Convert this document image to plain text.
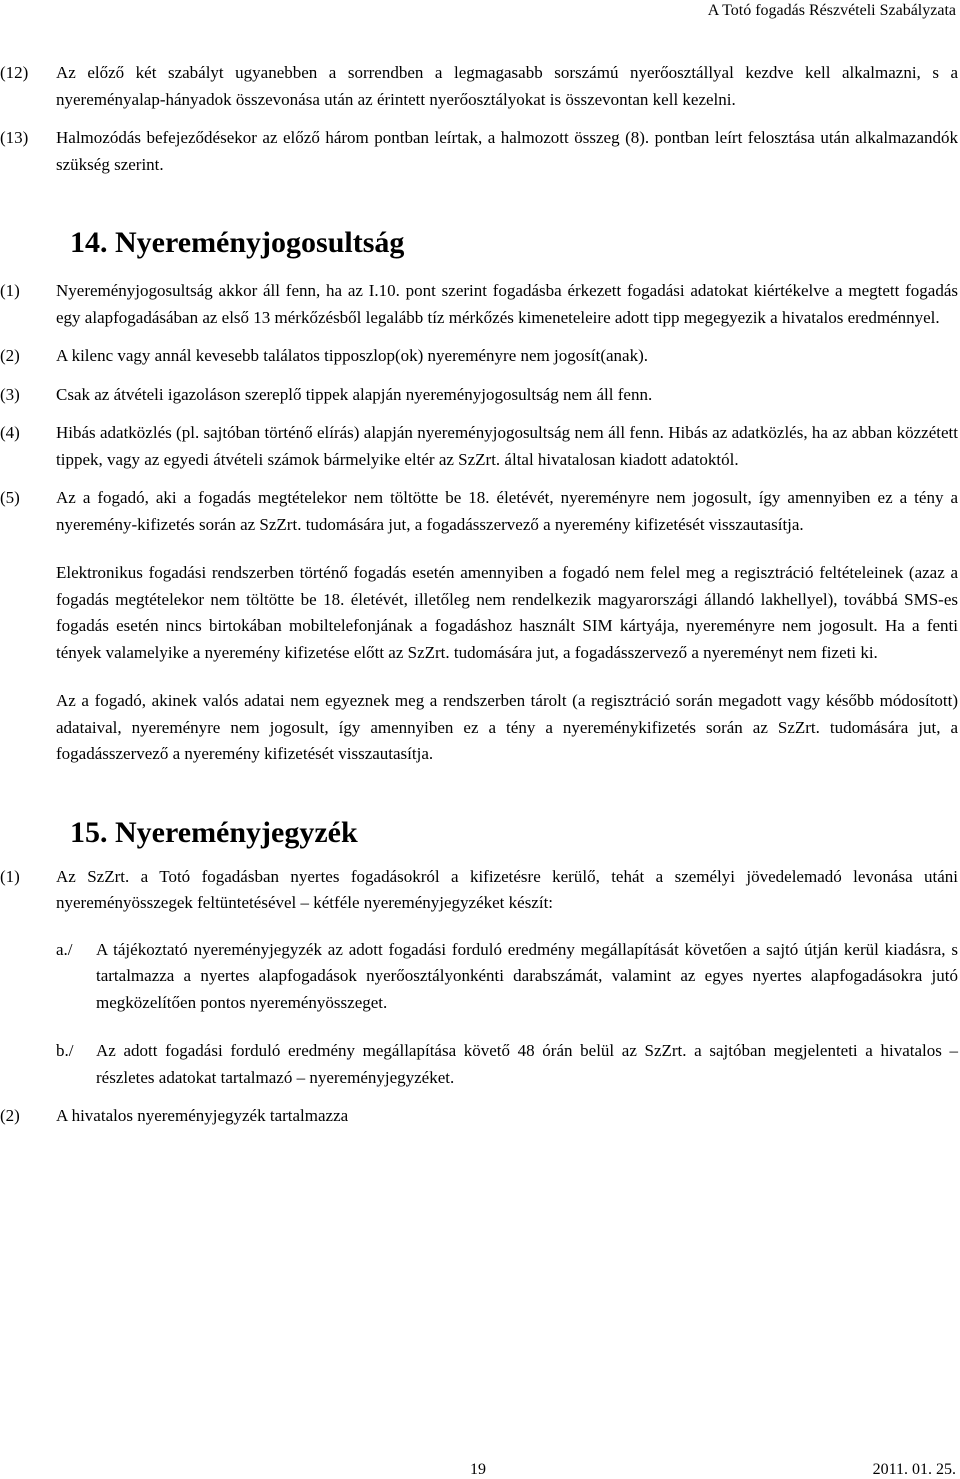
A Totó fogadás Részvételi Szabályzata
(12) Az előző két szabályt ugyanebben a sorrendben a legmagasabb sorszámú nyerőosztállyal kezdve kell alkalmazni, s a nyereményalap-hányadok összevonása után az érintett nyerőosztályokat is összevontan kell kezelni.
(13) Halmozódás befejeződésekor az előző három pontban leírtak, a halmozott összeg (8). pontban leírt felosztása után alkalmazandók szükség szerint.
14. Nyereményjogosultság
(1) Nyereményjogosultság akkor áll fenn, ha az I.10. pont szerint fogadásba érkezett fogadási adatokat kiértékelve a megtett fogadás egy alapfogadásában az első 13 mérkőzésből legalább tíz mérkőzés kimeneteleire adott tipp megegyezik a hivatalos eredménnyel.
(2) A kilenc vagy annál kevesebb találatos tipposzlop(ok) nyereményre nem jogosít(anak).
(3) Csak az átvételi igazoláson szereplő tippek alapján nyereményjogosultság nem áll fenn.
(4) Hibás adatközlés (pl. sajtóban történő elírás) alapján nyereményjogosultság nem áll fenn. Hibás az adatközlés, ha az abban közzétett tippek, vagy az egyedi átvételi számok bármelyike eltér az SzZrt. által hivatalosan kiadott adatoktól.
(5) Az a fogadó, aki a fogadás megtételekor nem töltötte be 18. életévét, nyereményre nem jogosult, így amennyiben ez a tény a nyeremény-kifizetés során az SzZrt. tudomására jut, a fogadásszervező a nyeremény kifizetését visszautasítja.

Elektronikus fogadási rendszerben történő fogadás esetén amennyiben a fogadó nem felel meg a regisztráció feltételeinek (azaz a fogadás megtételekor nem töltötte be 18. életévét, illetőleg nem rendelkezik magyarországi állandó lakhellyel), továbbá SMS-es fogadás esetén nincs birtokában mobiltelefonjának a fogadáshoz használt SIM kártyája, nyereményre nem jogosult. Ha a fenti tények valamelyike a nyeremény kifizetése előtt az SzZrt. tudomására jut, a fogadásszervező a nyereményt nem fizeti ki.

Az a fogadó, akinek valós adatai nem egyeznek meg a rendszerben tárolt (a regisztráció során megadott vagy később módosított) adataival, nyereményre nem jogosult, így amennyiben ez a tény a nyereménykifizetés során az SzZrt. tudomására jut, a fogadásszervező a nyeremény kifizetését visszautasítja.

15. Nyereményjegyzék
(1) Az SzZrt. a Totó fogadásban nyertes fogadásokról a kifizetésre kerülő, tehát a személyi jövedelemadó levonása utáni nyereményösszegek feltüntetésével – kétféle nyereményjegyzéket készít:
a./ A tájékoztató nyereményjegyzék az adott fogadási forduló eredmény megállapítását követően a sajtó útján kerül kiadásra, s tartalmazza a nyertes alapfogadások nyerőosztályonkénti darabszámát, valamint az egyes nyertes alapfogadásokra jutó megközelítően pontos nyereményösszeget.
b./ Az adott fogadási forduló eredmény megállapítása követő 48 órán belül az SzZrt. a sajtóban megjelenteti a hivatalos – részletes adatokat tartalmazó – nyereményjegyzéket.
(2) A hivatalos nyereményjegyzék tartalmazza
19	2011. 01. 25.
